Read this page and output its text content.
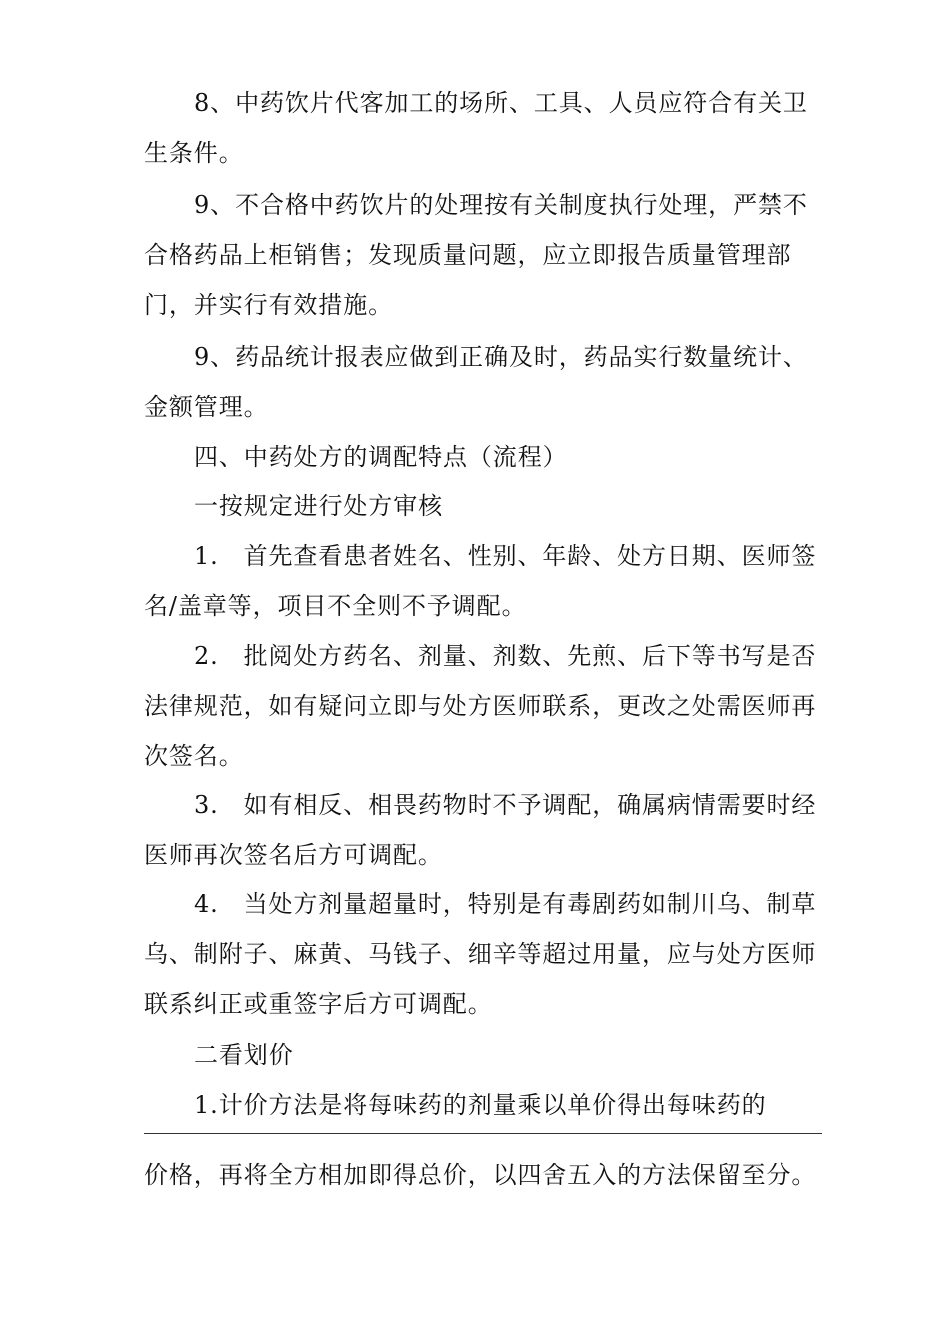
8、中药饮片代客加工的场所、工具、人员应符合有关卫生条件。

9、不合格中药饮片的处理按有关制度执行处理，严禁不合格药品上柜销售；发现质量问题，应立即报告质量管理部门，并实行有效措施。

9、药品统计报表应做到正确及时，药品实行数量统计、金额管理。

四、中药处方的调配特点（流程）

一按规定进行处方审核

1.　首先查看患者姓名、性别、年龄、处方日期、医师签名/盖章等，项目不全则不予调配。

2.　批阅处方药名、剂量、剂数、先煎、后下等书写是否法律规范，如有疑问立即与处方医师联系，更改之处需医师再次签名。

3.　如有相反、相畏药物时不予调配，确属病情需要时经医师再次签名后方可调配。

4.　当处方剂量超量时，特别是有毒剧药如制川乌、制草乌、制附子、麻黄、马钱子、细辛等超过用量，应与处方医师联系纠正或重签字后方可调配。

二看划价

1.计价方法是将每味药的剂量乘以单价得出每味药的

价格，再将全方相加即得总价，以四舍五入的方法保留至分。
